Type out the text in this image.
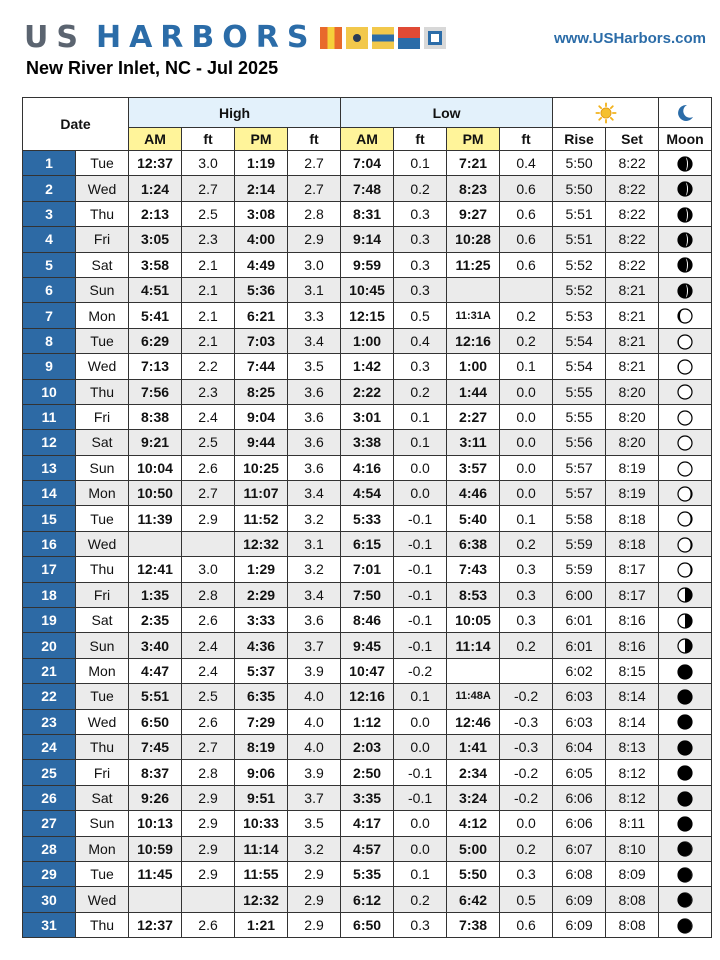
US HARBORS	www.USHarbors.com
New River Inlet, NC - Jul 2025
Date		High				Low		
		AM	ft	PM	ft	AM	ft	PM	ft	Rise	Set	Moon
1	Tue	12:37	3.0	1:19	2.7	7:04	0.1	7:21	0.4	5:50	8:22	
2	Wed	1:24	2.7	2:14	2.7	7:48	0.2	8:23	0.6	5:50	8:22	
3	Thu	2:13	2.5	3:08	2.8	8:31	0.3	9:27	0.6	5:51	8:22	
4	Fri	3:05	2.3	4:00	2.9	9:14	0.3	10:28	0.6	5:51	8:22	
5	Sat	3:58	2.1	4:49	3.0	9:59	0.3	11:25	0.6	5:52	8:22	
6	Sun	4:51	2.1	5:36	3.1	10:45	0.3			5:52	8:21	
7	Mon	5:41	2.1	6:21	3.3	12:15	0.5	11:31A	0.2	5:53	8:21	
8	Tue	6:29	2.1	7:03	3.4	1:00	0.4	12:16	0.2	5:54	8:21	
9	Wed	7:13	2.2	7:44	3.5	1:42	0.3	1:00	0.1	5:54	8:21	
10	Thu	7:56	2.3	8:25	3.6	2:22	0.2	1:44	0.0	5:55	8:20	
11	Fri	8:38	2.4	9:04	3.6	3:01	0.1	2:27	0.0	5:55	8:20	
12	Sat	9:21	2.5	9:44	3.6	3:38	0.1	3:11	0.0	5:56	8:20	
13	Sun	10:04	2.6	10:25	3.6	4:16	0.0	3:57	0.0	5:57	8:19	
14	Mon	10:50	2.7	11:07	3.4	4:54	0.0	4:46	0.0	5:57	8:19	
15	Tue	11:39	2.9	11:52	3.2	5:33	-0.1	5:40	0.1	5:58	8:18	
16	Wed			12:32	3.1	6:15	-0.1	6:38	0.2	5:59	8:18	
17	Thu	12:41	3.0	1:29	3.2	7:01	-0.1	7:43	0.3	5:59	8:17	
18	Fri	1:35	2.8	2:29	3.4	7:50	-0.1	8:53	0.3	6:00	8:17	
19	Sat	2:35	2.6	3:33	3.6	8:46	-0.1	10:05	0.3	6:01	8:16	
20	Sun	3:40	2.4	4:36	3.7	9:45	-0.1	11:14	0.2	6:01	8:16	
21	Mon	4:47	2.4	5:37	3.9	10:47	-0.2			6:02	8:15	
22	Tue	5:51	2.5	6:35	4.0	12:16	0.1	11:48A	-0.2	6:03	8:14	
23	Wed	6:50	2.6	7:29	4.0	1:12	0.0	12:46	-0.3	6:03	8:14	
24	Thu	7:45	2.7	8:19	4.0	2:03	0.0	1:41	-0.3	6:04	8:13	
25	Fri	8:37	2.8	9:06	3.9	2:50	-0.1	2:34	-0.2	6:05	8:12	
26	Sat	9:26	2.9	9:51	3.7	3:35	-0.1	3:24	-0.2	6:06	8:12	
27	Sun	10:13	2.9	10:33	3.5	4:17	0.0	4:12	0.0	6:06	8:11	
28	Mon	10:59	2.9	11:14	3.2	4:57	0.0	5:00	0.2	6:07	8:10	
29	Tue	11:45	2.9	11:55	2.9	5:35	0.1	5:50	0.3	6:08	8:09	
30	Wed			12:32	2.9	6:12	0.2	6:42	0.5	6:09	8:08	
31	Thu	12:37	2.6	1:21	2.9	6:50	0.3	7:38	0.6	6:09	8:08	
